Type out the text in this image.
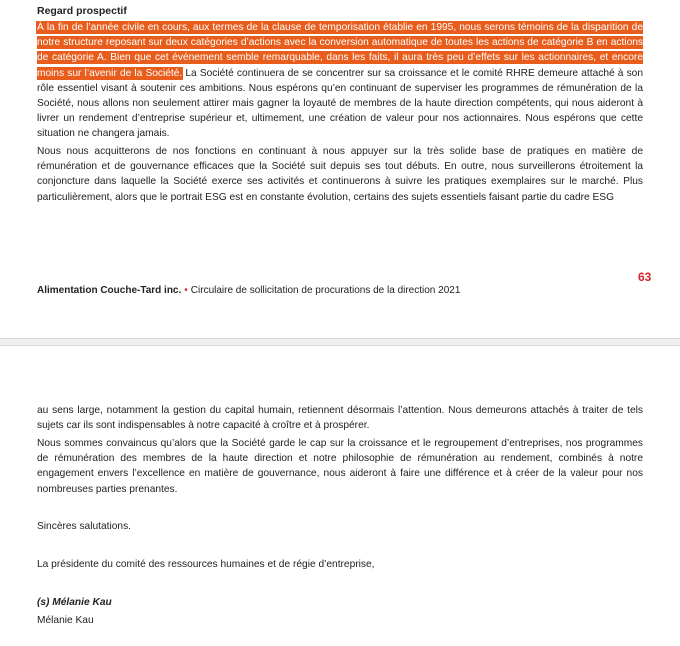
Regard prospectif

À la fin de l’année civile en cours, aux termes de la clause de temporisation établie en 1995, nous serons témoins de la disparition de notre structure reposant sur deux catégories d’actions avec la conversion automatique de toutes les actions de catégorie B en actions de catégorie A. Bien que cet événement semble remarquable, dans les faits, il aura très peu d’effets sur les actionnaires, et encore moins sur l’avenir de la Société. La Société continuera de se concentrer sur sa croissance et le comité RHRE demeure attaché à son rôle essentiel visant à soutenir ces ambitions. Nous espérons qu’en continuant de superviser les programmes de rémunération de la Société, nous allons non seulement attirer mais gagner la loyauté de membres de la haute direction compétents, qui nous aideront à livrer un rendement d’entreprise supérieur et, ultimement, une création de valeur pour nos actionnaires. Nous espérons que cette situation ne changera jamais.

Nous nous acquitterons de nos fonctions en continuant à nous appuyer sur la très solide base de pratiques en matière de rémunération et de gouvernance efficaces que la Société suit depuis ses tout débuts. En outre, nous surveillerons étroitement la conjoncture dans laquelle la Société exerce ses activités et continuerons à suivre les pratiques exemplaires sur le marché. Plus particulièrement, alors que le portrait ESG est en constante évolution, certains des sujets essentiels faisant partie du cadre ESG

Alimentation Couche-Tard inc. • Circulaire de sollicitation de procurations de la direction 2021
63

au sens large, notamment la gestion du capital humain, retiennent désormais l’attention. Nous demeurons attachés à traiter de tels sujets car ils sont indispensables à notre capacité à croître et à prospérer.

Nous sommes convaincus qu’alors que la Société garde le cap sur la croissance et le regroupement d’entreprises, nos programmes de rémunération des membres de la haute direction et notre philosophie de rémunération au rendement, combinés à notre engagement envers l’excellence en matière de gouvernance, nous aideront à faire une différence et à créer de la valeur pour nos nombreuses parties prenantes.

Sincères salutations.

La présidente du comité des ressources humaines et de régie d’entreprise,

(s) Mélanie Kau

Mélanie Kau
